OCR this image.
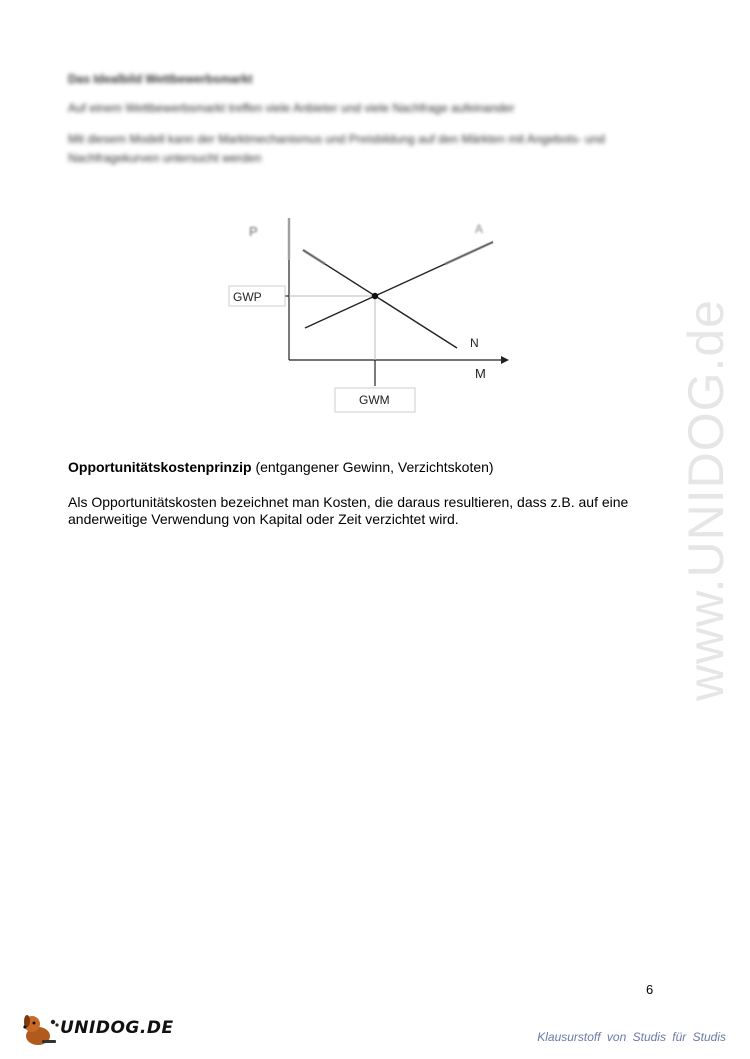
Das Idealbild Wettbewerbsmarkt
Auf einem Wettbewerbsmarkt treffen viele Anbieter und viele Nachfrage aufeinander
Mit diesem Modell kann der Marktmechanismus und Preisbildung auf den Märkten mit Angebots- und Nachfragekurven untersucht werden
P
M
A
N
GWP
GWM
Opportunitätskostenprinzip (entgangener Gewinn, Verzichtskoten)
Als Opportunitätskosten bezeichnet man Kosten, die daraus resultieren, dass z.B. auf eine anderweitige Verwendung von Kapital oder Zeit verzichtet wird.
6
www.UNIDOG.de
UNIDOG.DE	Klausurstoff von Studis für Studis
